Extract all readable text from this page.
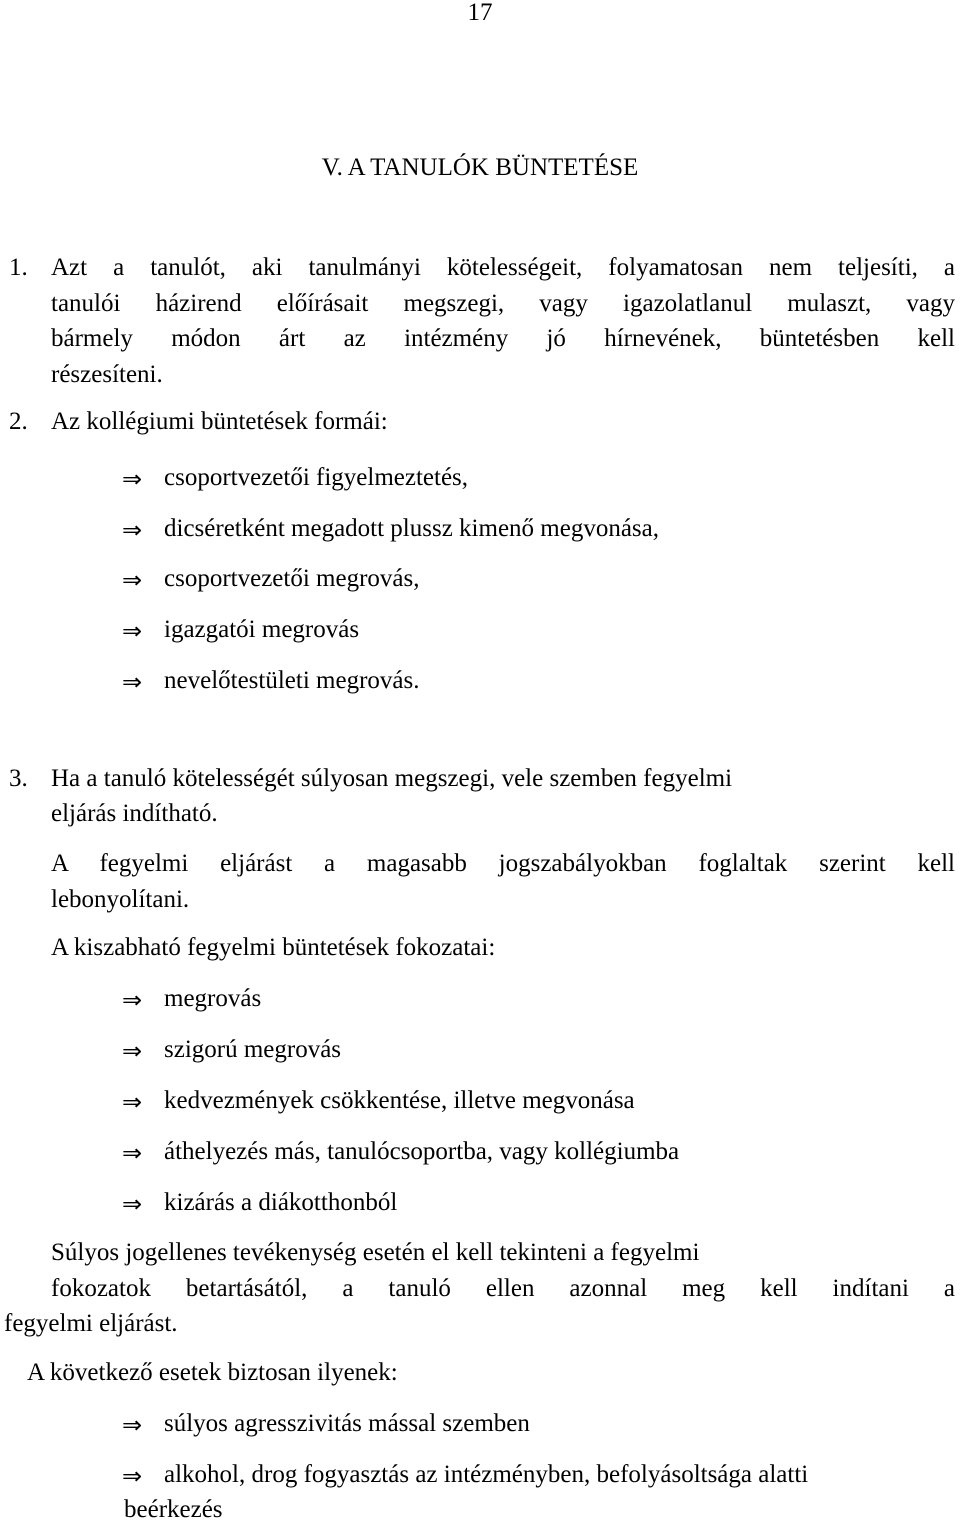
17
V. A TANULÓK BÜNTETÉSE
1. Azt a tanulót, aki tanulmányi kötelességeit, folyamatosan nem teljesíti, a
tanulói házirend előírásait megszegi, vagy igazolatlanul mulaszt, vagy
bármely módon árt az intézmény jó hírnevének, büntetésben kell
részesíteni.
2. Az kollégiumi büntetések formái:
⇒ csoportvezetői figyelmeztetés,
⇒ dicséretként megadott plussz kimenő megvonása,
⇒ csoportvezetői megrovás,
⇒ igazgatói megrovás
⇒ nevelőtestületi megrovás.
3. Ha a tanuló kötelességét súlyosan megszegi, vele szemben fegyelmi
eljárás indítható.
A fegyelmi eljárást a magasabb jogszabályokban foglaltak szerint kell
lebonyolítani.
A kiszabható fegyelmi büntetések fokozatai:
⇒ megrovás
⇒ szigorú megrovás
⇒ kedvezmények csökkentése, illetve megvonása
⇒ áthelyezés más, tanulócsoportba, vagy kollégiumba
⇒ kizárás a diákotthonból
Súlyos jogellenes tevékenység esetén el kell tekinteni a fegyelmi
fokozatok betartásától, a tanuló ellen azonnal meg kell indítani a
fegyelmi eljárást.
A következő esetek biztosan ilyenek:
⇒ súlyos agresszivitás mással szemben
⇒ alkohol, drog fogyasztás az intézményben, befolyásoltsága alatti
beérkezés
